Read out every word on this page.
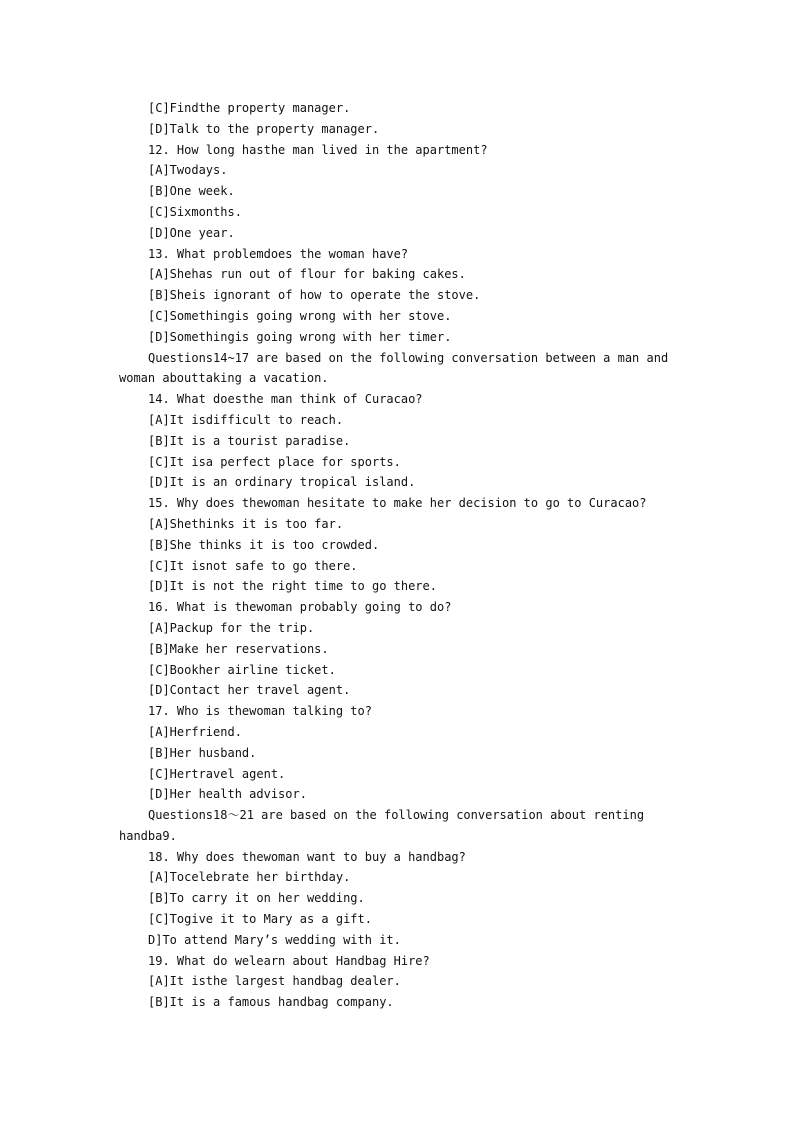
[C]Findthe property manager.

[D]Talk to the property manager.

12. How long hasthe man lived in the apartment?

[A]Twodays.

[B]One week.

[C]Sixmonths.

[D]One year.

13. What problemdoes the woman have?

[A]Shehas run out of flour for baking cakes.

[B]Sheis ignorant of how to operate the stove.

[C]Somethingis going wrong with her stove.

[D]Somethingis going wrong with her timer.

Questions14~17 are based on the following conversation between a man and woman abouttaking a vacation.

14. What doesthe man think of Curacao?

[A]It isdifficult to reach.

[B]It is a tourist paradise.

[C]It isa perfect place for sports.

[D]It is an ordinary tropical island.

15. Why does thewoman hesitate to make her decision to go to Curacao?

[A]Shethinks it is too far.

[B]She thinks it is too crowded.

[C]It isnot safe to go there.

[D]It is not the right time to go there.

16. What is thewoman probably going to do?

[A]Packup for the trip.

[B]Make her reservations.

[C]Bookher airline ticket.

[D]Contact her travel agent.

17. Who is thewoman talking to?

[A]Herfriend.

[B]Her husband.

[C]Hertravel agent.

[D]Her health advisor.

Questions18～21 are based on the following conversation about renting handba9.

18. Why does thewoman want to buy a handbag?

[A]Tocelebrate her birthday.

[B]To carry it on her wedding.

[C]Togive it to Mary as a gift.

D]To attend Mary’s wedding with it.

19. What do welearn about Handbag Hire?

[A]It isthe largest handbag dealer.

[B]It is a famous handbag company.
